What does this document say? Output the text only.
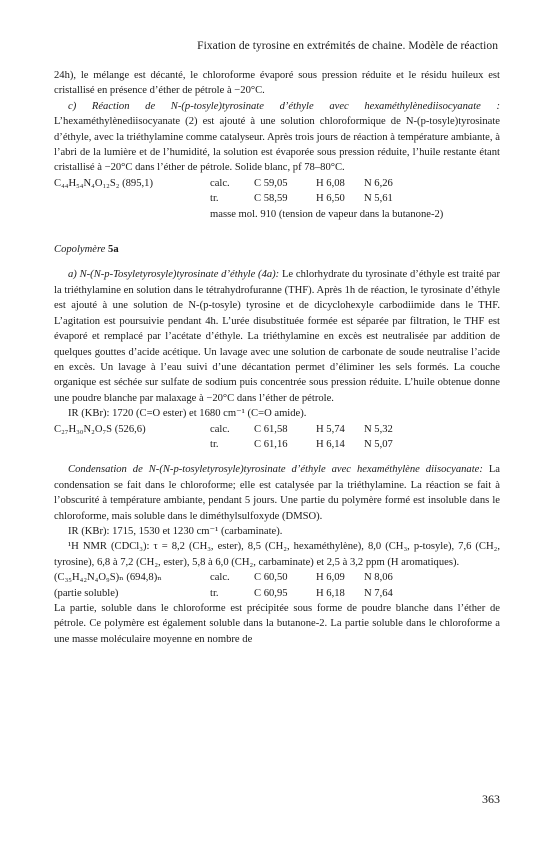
Fixation de tyrosine en extrémités de chaine. Modèle de réaction

24h), le mélange est décanté, le chloroforme évaporé sous pression réduite et le résidu huileux est cristallisé en présence d’éther de pétrole à −20°C.

c) Réaction de N-(p-tosyle)tyrosinate d’éthyle avec hexaméthylènediisocyanate : L’hexaméthylènediisocyanate (2) est ajouté à une solution chloroformique de N-(p-tosyle)tyrosinate d’éthyle, avec la triéthylamine comme catalyseur. Après trois jours de réaction à température ambiante, à l’abri de la lumière et de l’humidité, la solution est évaporée sous pression réduite, l’huile restante étant cristallisé à −20°C dans l’éther de pétrole. Solide blanc, pf 78–80°C.

C₄₄H₅₄N₄O₁₂S₂ (895,1)	calc.	C 59,05	H 6,08	N 6,26
tr.	C 58,59	H 6,50	N 5,61
masse mol. 910 (tension de vapeur dans la butanone-2)

Copolymère 5a

a) N-(N-p-Tosyletyrosyle)tyrosinate d’éthyle (4a): Le chlorhydrate du tyrosinate d’éthyle est traité par la triéthylamine en solution dans le tétrahydrofuranne (THF). Après 1h de réaction, le tyrosinate d’éthyle est ajouté à une solution de N-(p-tosyle) tyrosine et de dicyclohexyle carbodiimide dans le THF. L’agitation est poursuivie pendant 4h. L’urée disubstituée formée est séparée par filtration, le THF est évaporé et remplacé par l’acétate d’éthyle. La triéthylamine en excès est neutralisée par addition de quelques gouttes d’acide acétique. Un lavage avec une solution de carbonate de soude neutralise l’acide en excès. Un lavage à l’eau suivi d’une décantation permet d’éliminer les sels formés. La couche organique est séchée sur sulfate de sodium puis concentrée sous pression réduite. L’huile obtenue donne une poudre blanche par malaxage à −20°C dans l’éther de pétrole.

IR (KBr): 1720 (C=O ester) et 1680 cm⁻¹ (C=O amide).

C₂₇H₃₀N₂O₇S (526,6)	calc.	C 61,58	H 5,74	N 5,32
tr.	C 61,16	H 6,14	N 5,07

Condensation de N-(N-p-tosyletyrosyle)tyrosinate d’éthyle avec hexaméthylène diisocyanate: La condensation se fait dans le chloroforme; elle est catalysée par la triéthylamine. La réaction se fait à l’obscurité à température ambiante, pendant 5 jours. Une partie du polymère formé est insoluble dans le chloroforme, mais soluble dans le diméthylsulfoxyde (DMSO).

IR (KBr): 1715, 1530 et 1230 cm⁻¹ (carbaminate).

¹H NMR (CDCl₃): τ = 8,2 (CH₃, ester), 8,5 (CH₂, hexaméthylène), 8,0 (CH₃, p-tosyle), 7,6 (CH₂, tyrosine), 6,8 à 7,2 (CH₂, ester), 5,8 à 6,0 (CH₂, carbaminate) et 2,5 à 3,2 ppm (H aromatiques).

(C₃₅H₄₂N₄O₉S)ₙ (694,8)ₙ	calc.	C 60,50	H 6,09	N 8,06
(partie soluble)	tr.	C 60,95	H 6,18	N 7,64

La partie, soluble dans le chloroforme est précipitée sous forme de poudre blanche dans l’éther de pétrole. Ce polymère est également soluble dans la butanone-2. La partie soluble dans le chloroforme a une masse moléculaire moyenne en nombre de

363
